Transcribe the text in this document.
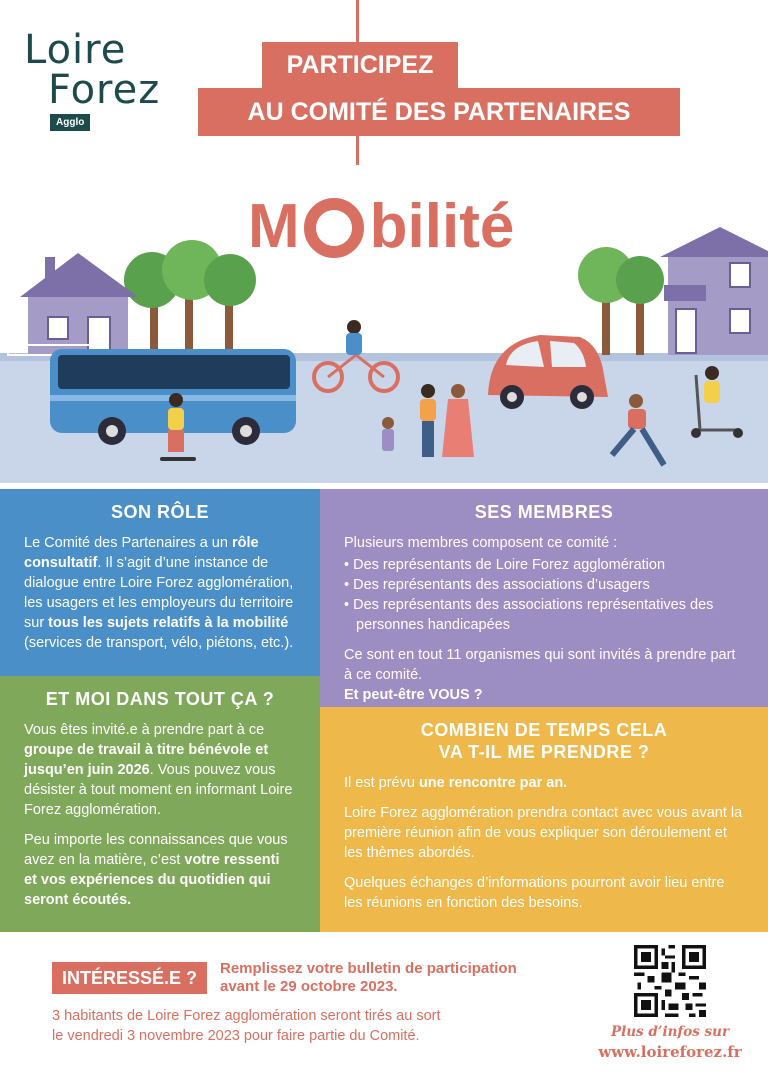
Loire
Forez
Agglo
PARTICIPEZ
AU COMITÉ DES PARTENAIRES
M bilité
SON RÔLE

Le Comité des Partenaires a un rôle consultatif. Il s’agit d’une instance de dialogue entre Loire Forez agglomération, les usagers et les employeurs du territoire sur tous les sujets relatifs à la mobilité (services de transport, vélo, piétons, etc.).

SES MEMBRES

Plusieurs membres composent ce comité :

• Des représentants de Loire Forez agglomération
• Des représentants des associations d’usagers
• Des représentants des associations représentatives des personnes handicapées

Ce sont en tout 11 organismes qui sont invités à prendre part à ce comité.
Et peut-être VOUS ?

ET MOI DANS TOUT ÇA ?

Vous êtes invité.e à prendre part à ce groupe de travail à titre bénévole et jusqu’en juin 2026. Vous pouvez vous désister à tout moment en informant Loire Forez agglomération.

Peu importe les connaissances que vous avez en la matière, c’est votre ressenti et vos expériences du quotidien qui seront écoutés.

COMBIEN DE TEMPS CELA
VA T-IL ME PRENDRE ?

Il est prévu une rencontre par an.

Loire Forez agglomération prendra contact avec vous avant la première réunion afin de vous expliquer son déroulement et les thèmes abordés.

Quelques échanges d’informations pourront avoir lieu entre les réunions en fonction des besoins.

INTÉRESSÉ.E ?	Remplissez votre bulletin de participation
avant le 29 octobre 2023.
3 habitants de Loire Forez agglomération seront tirés au sort
le vendredi 3 novembre 2023 pour faire partie du Comité.	Plus d’infos sur
www.loireforez.fr
